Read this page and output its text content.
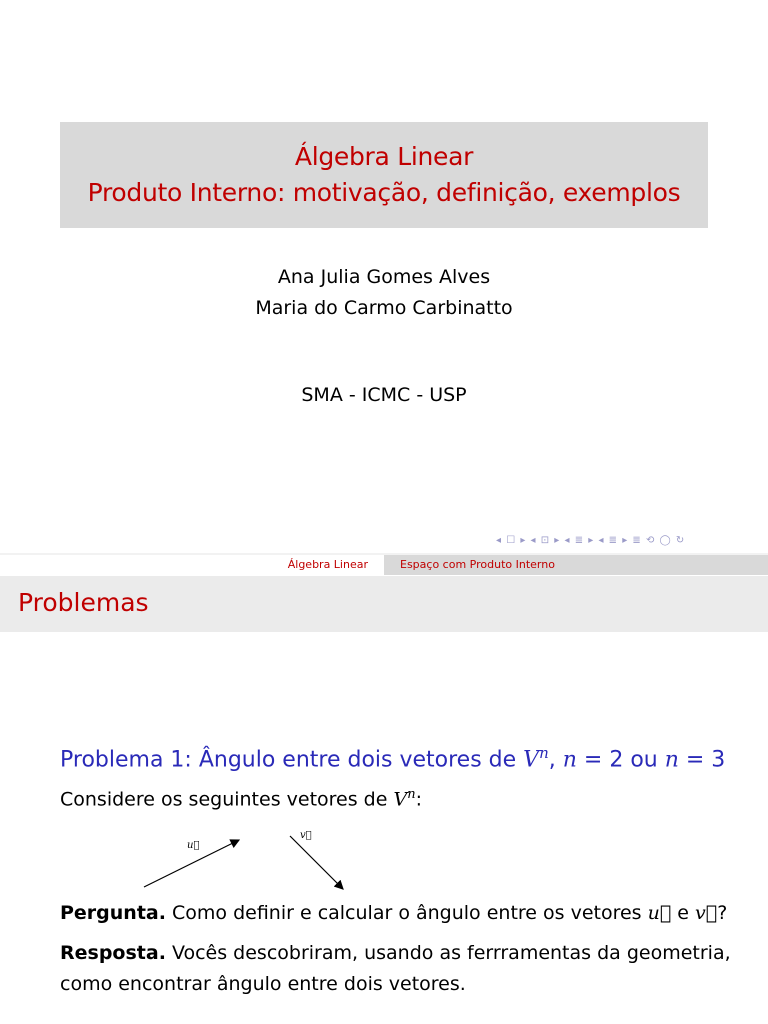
Álgebra Linear
Produto Interno: motivação, definição, exemplos
Ana Julia Gomes Alves
Maria do Carmo Carbinatto
SMA - ICMC - USP
◂ ☐ ▸ ◂ ⊡ ▸ ◂ ≣ ▸ ◂ ≣ ▸ ≣ ⟲ ◯ ↻
Álgebra Linear	Espaço com Produto Interno
Problemas
Problema 1: Ângulo entre dois vetores de $V^n$, n = 2 ou n = 3
Considere os seguintes vetores de $V^n$:
u⃗
v⃗
Pergunta. Como definir e calcular o ângulo entre os vetores u⃗ e v⃗?
Resposta. Vocês descobriram, usando as ferrramentas da geometria, como encontrar ângulo entre dois vetores.
